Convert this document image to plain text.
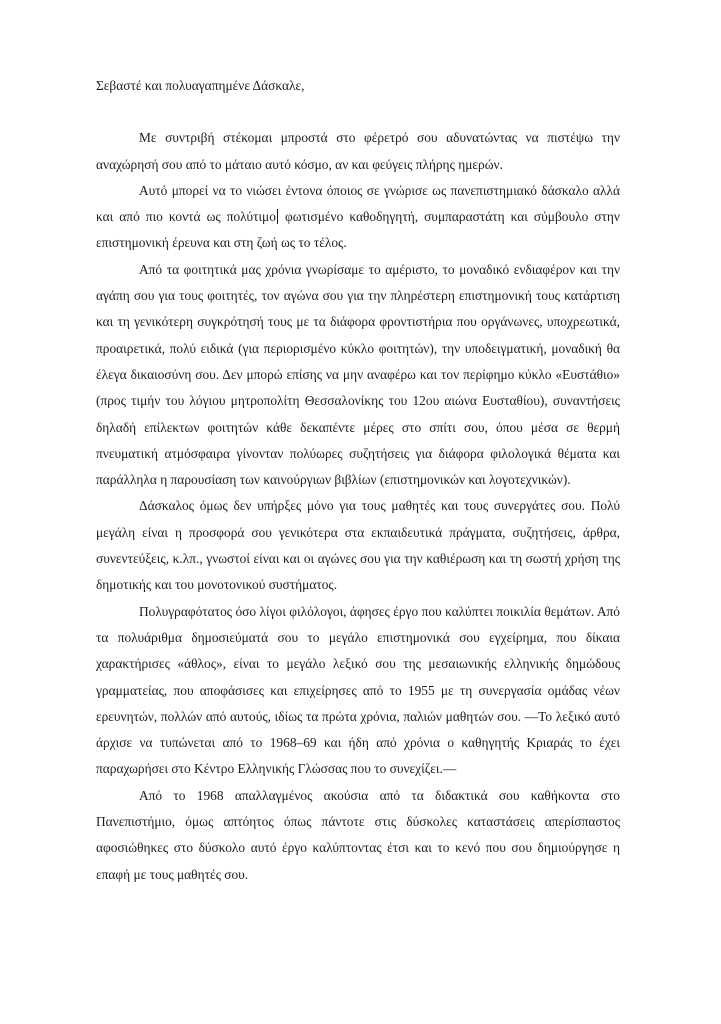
Σεβαστέ και πολυαγαπημένε Δάσκαλε,

Με συντριβή στέκομαι μπροστά στο φέρετρό σου αδυνατώντας να πιστέψω την αναχώρησή σου από το μάταιο αυτό κόσμο, αν και φεύγεις πλήρης ημερών.

Αυτό μπορεί να το νιώσει έντονα όποιος σε γνώρισε ως πανεπιστημιακό δάσκαλο αλλά και από πιο κοντά ως πολύτιμο φωτισμένο καθοδηγητή, συμπαραστάτη και σύμβουλο στην επιστημονική έρευνα και στη ζωή ως το τέλος.

Από τα φοιτητικά μας χρόνια γνωρίσαμε το αμέριστο, το μοναδικό ενδιαφέρον και την αγάπη σου για τους φοιτητές, τον αγώνα σου για την πληρέστερη επιστημονική τους κατάρτιση και τη γενικότερη συγκρότησή τους με τα διάφορα φροντιστήρια που οργάνωνες, υποχρεωτικά, προαιρετικά, πολύ ειδικά (για περιορισμένο κύκλο φοιτητών), την υποδειγματική, μοναδική θα έλεγα δικαιοσύνη σου. Δεν μπορώ επίσης να μην αναφέρω και τον περίφημο κύκλο «Ευστάθιο» (προς τιμήν του λόγιου μητροπολίτη Θεσσαλονίκης του 12ου αιώνα Ευσταθίου), συναντήσεις δηλαδή επίλεκτων φοιτητών κάθε δεκαπέντε μέρες στο σπίτι σου, όπου μέσα σε θερμή πνευματική ατμόσφαιρα γίνονταν πολύωρες συζητήσεις για διάφορα φιλολογικά θέματα και παράλληλα η παρουσίαση των καινούργιων βιβλίων (επιστημονικών και λογοτεχνικών).

Δάσκαλος όμως δεν υπήρξες μόνο για τους μαθητές και τους συνεργάτες σου. Πολύ μεγάλη είναι η προσφορά σου γενικότερα στα εκπαιδευτικά πράγματα, συζητήσεις, άρθρα, συνεντεύξεις, κ.λπ., γνωστοί είναι και οι αγώνες σου για την καθιέρωση και τη σωστή χρήση της δημοτικής και του μονοτονικού συστήματος.

Πολυγραφότατος όσο λίγοι φιλόλογοι, άφησες έργο που καλύπτει ποικιλία θεμάτων. Από τα πολυάριθμα δημοσιεύματά σου το μεγάλο επιστημονικά σου εγχείρημα, που δίκαια χαρακτήρισες «άθλος», είναι το μεγάλο λεξικό σου της μεσαιωνικής ελληνικής δημώδους γραμματείας, που αποφάσισες και επιχείρησες από το 1955 με τη συνεργασία ομάδας νέων ερευνητών, πολλών από αυτούς, ιδίως τα πρώτα χρόνια, παλιών μαθητών σου. —Το λεξικό αυτό άρχισε να τυπώνεται από το 1968–69 και ήδη από χρόνια ο καθηγητής Κριαράς το έχει παραχωρήσει στο Κέντρο Ελληνικής Γλώσσας που το συνεχίζει.—

Από το 1968 απαλλαγμένος ακούσια από τα διδακτικά σου καθήκοντα στο Πανεπιστήμιο, όμως απτόητος όπως πάντοτε στις δύσκολες καταστάσεις απερίσπαστος αφοσιώθηκες στο δύσκολο αυτό έργο καλύπτοντας έτσι και το κενό που σου δημιούργησε η επαφή με τους μαθητές σου.
